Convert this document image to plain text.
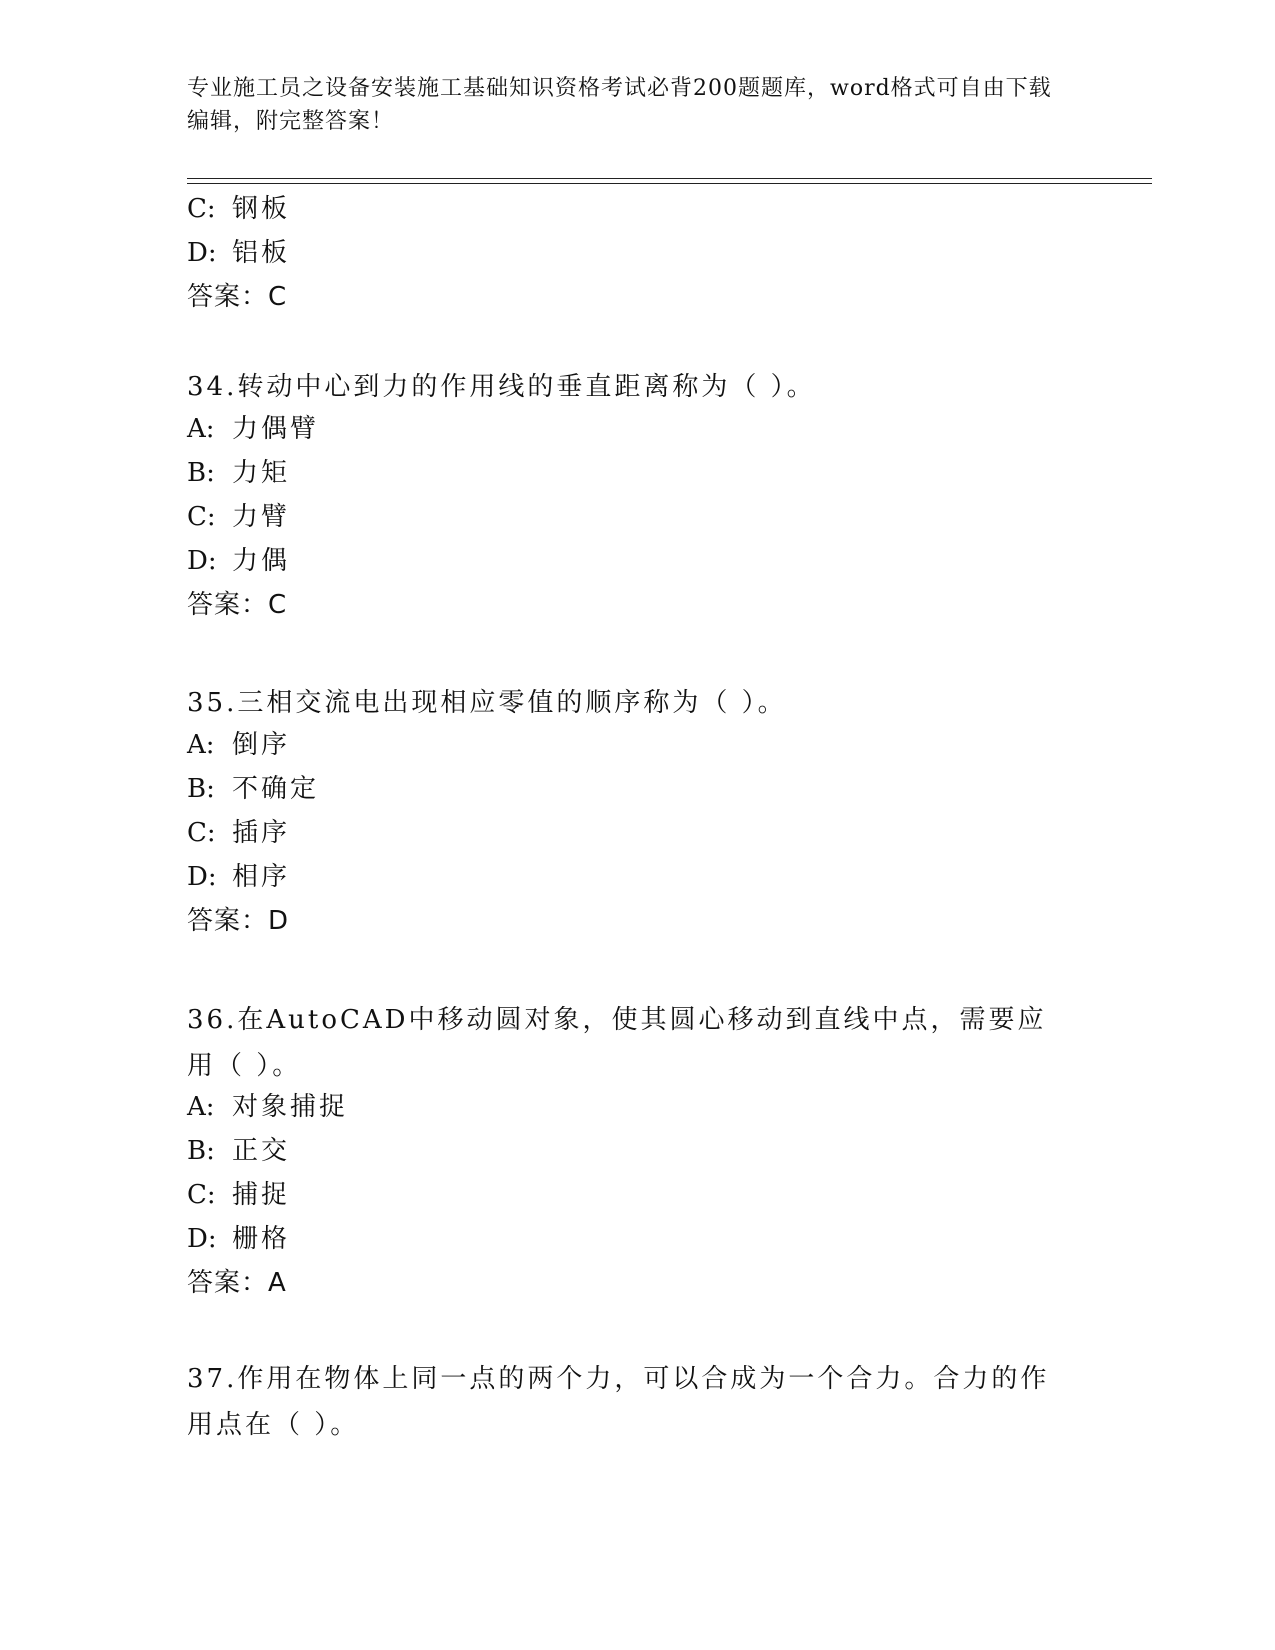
专业施工员之设备安装施工基础知识资格考试必背200题题库，word格式可自由下载编辑，附完整答案！
C: 钢板
D: 铝板
答案：C
34.转动中心到力的作用线的垂直距离称为（ ）。
A: 力偶臂
B: 力矩
C: 力臂
D: 力偶
答案：C
35.三相交流电出现相应零值的顺序称为（ ）。
A: 倒序
B: 不确定
C: 插序
D: 相序
答案：D
36.在AutoCAD中移动圆对象，使其圆心移动到直线中点，需要应用（ ）。
A: 对象捕捉
B: 正交
C: 捕捉
D: 栅格
答案：A
37.作用在物体上同一点的两个力，可以合成为一个合力。合力的作用点在（ ）。
